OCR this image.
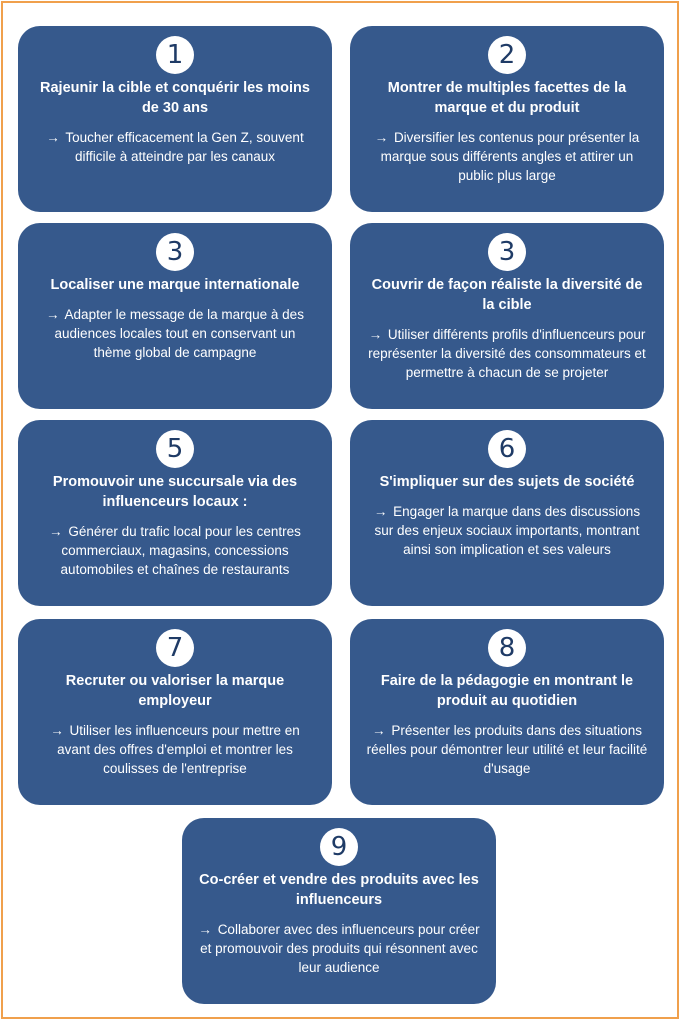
1
Rajeunir la cible et conquérir les moins de 30 ans
→ Toucher efficacement la Gen Z, souvent difficile à atteindre par les canaux
2
Montrer de multiples facettes de la marque et du produit
→ Diversifier les contenus pour présenter la marque sous différents angles et attirer un public plus large
3
Localiser une marque internationale
→ Adapter le message de la marque à des audiences locales tout en conservant un thème global de campagne
3
Couvrir de façon réaliste la diversité de la cible
→ Utiliser différents profils d'influenceurs pour représenter la diversité des consommateurs et permettre à chacun de se projeter
5
Promouvoir une succursale via des influenceurs locaux :
→ Générer du trafic local pour les centres commerciaux, magasins, concessions automobiles et chaînes de restaurants
6
S'impliquer sur des sujets de société
→ Engager la marque dans des discussions sur des enjeux sociaux importants, montrant ainsi son implication et ses valeurs
7
Recruter ou valoriser la marque employeur
→ Utiliser les influenceurs pour mettre en avant des offres d'emploi et montrer les coulisses de l'entreprise
8
Faire de la pédagogie en montrant le produit au quotidien
→ Présenter les produits dans des situations réelles pour démontrer leur utilité et leur facilité d'usage
9
Co-créer et vendre des produits avec les influenceurs
→ Collaborer avec des influenceurs pour créer et promouvoir des produits qui résonnent avec leur audience
